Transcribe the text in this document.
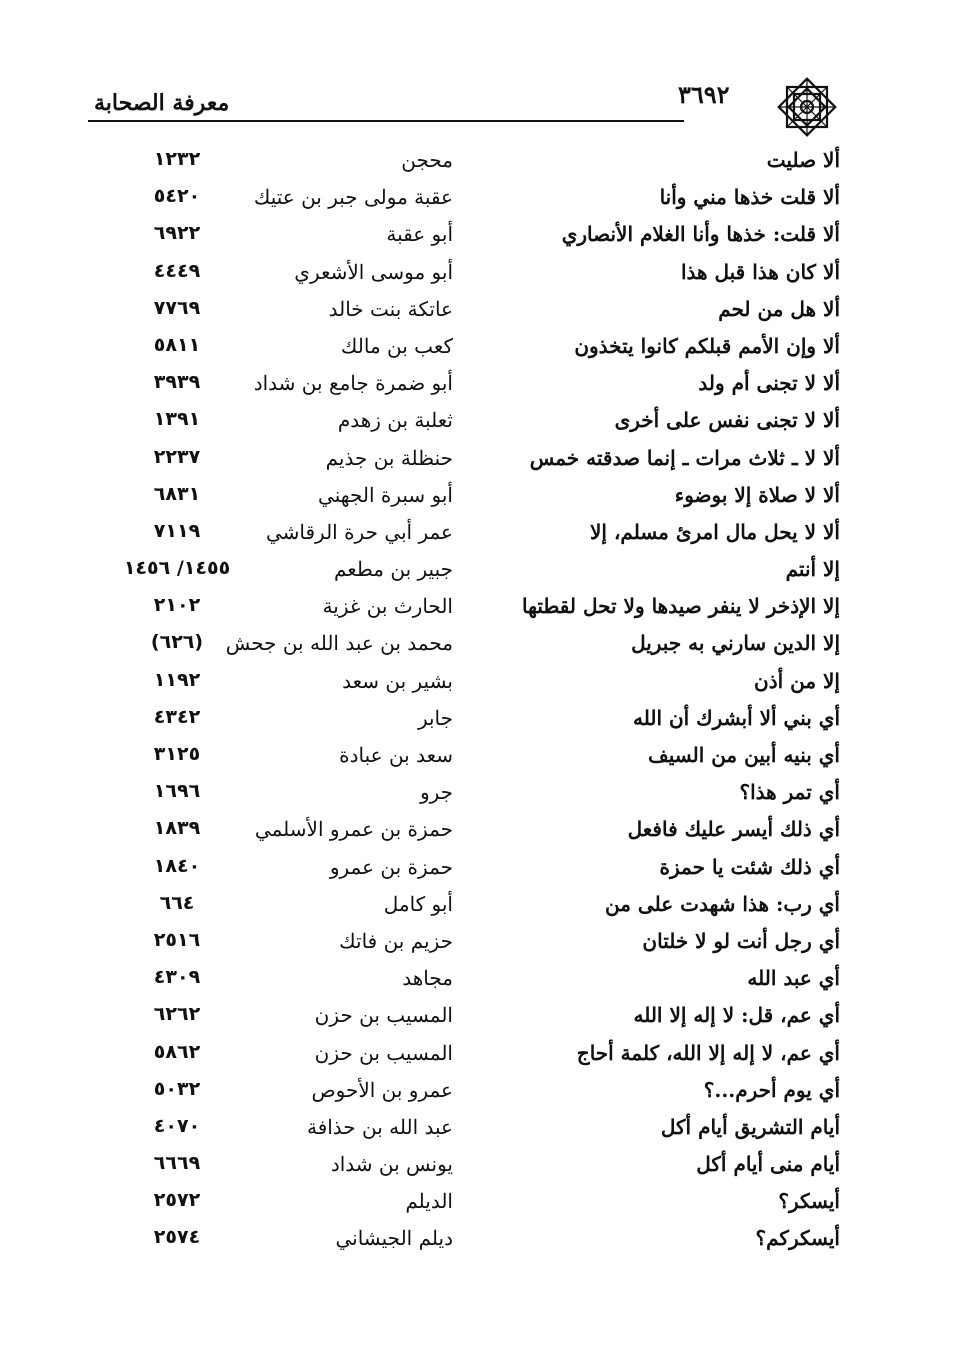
معرفة الصحابة	٣٦٩٢
ألا صليت
محجن
١٢٣٢
ألا قلت خذها مني وأنا
عقبة مولى جبر بن عتيك
٥٤٢٠
ألا قلت: خذها وأنا الغلام الأنصاري
أبو عقبة
٦٩٢٢
ألا كان هذا قبل هذا
أبو موسى الأشعري
٤٤٤٩
ألا هل من لحم
عاتكة بنت خالد
٧٧٦٩
ألا وإن الأمم قبلكم كانوا يتخذون
كعب بن مالك
٥٨١١
ألا لا تجنى أم ولد
أبو ضمرة جامع بن شداد
٣٩٣٩
ألا لا تجنى نفس على أخرى
ثعلبة بن زهدم
١٣٩١
ألا لا ـ ثلاث مرات ـ إنما صدقته خمس
حنظلة بن جذيم
٢٢٣٧
ألا لا صلاة إلا بوضوء
أبو سبرة الجهني
٦٨٣١
ألا لا يحل مال امرئ مسلم، إلا
عمر أبي حرة الرقاشي
٧١١٩
إلا أنتم
جبير بن مطعم
١٤٥٥/ ١٤٥٦
إلا الإذخر لا ينفر صيدها ولا تحل لقطتها
الحارث بن غزية
٢١٠٢
إلا الدين سارني به جبريل
محمد بن عبد الله بن جحش
(٦٢٦)
إلا من أذن
بشير بن سعد
١١٩٢
أي بني ألا أبشرك أن الله
جابر
٤٣٤٢
أي بنيه أبين من السيف
سعد بن عبادة
٣١٢٥
أي تمر هذا؟
جرو
١٦٩٦
أي ذلك أيسر عليك فافعل
حمزة بن عمرو الأسلمي
١٨٣٩
أي ذلك شئت يا حمزة
حمزة بن عمرو
١٨٤٠
أي رب: هذا شهدت على من
أبو كامل
٦٦٤
أي رجل أنت لو لا خلتان
حزيم بن فاتك
٢٥١٦
أي عبد الله
مجاهد
٤٣٠٩
أي عم، قل: لا إله إلا الله
المسيب بن حزن
٦٢٦٢
أي عم، لا إله إلا الله، كلمة أحاج
المسيب بن حزن
٥٨٦٢
أي يوم أحرم...؟
عمرو بن الأحوص
٥٠٣٢
أيام التشريق أيام أكل
عبد الله بن حذافة
٤٠٧٠
أيام منى أيام أكل
يونس بن شداد
٦٦٦٩
أيسكر؟
الديلم
٢٥٧٢
أيسكركم؟
ديلم الجيشاني
٢٥٧٤
